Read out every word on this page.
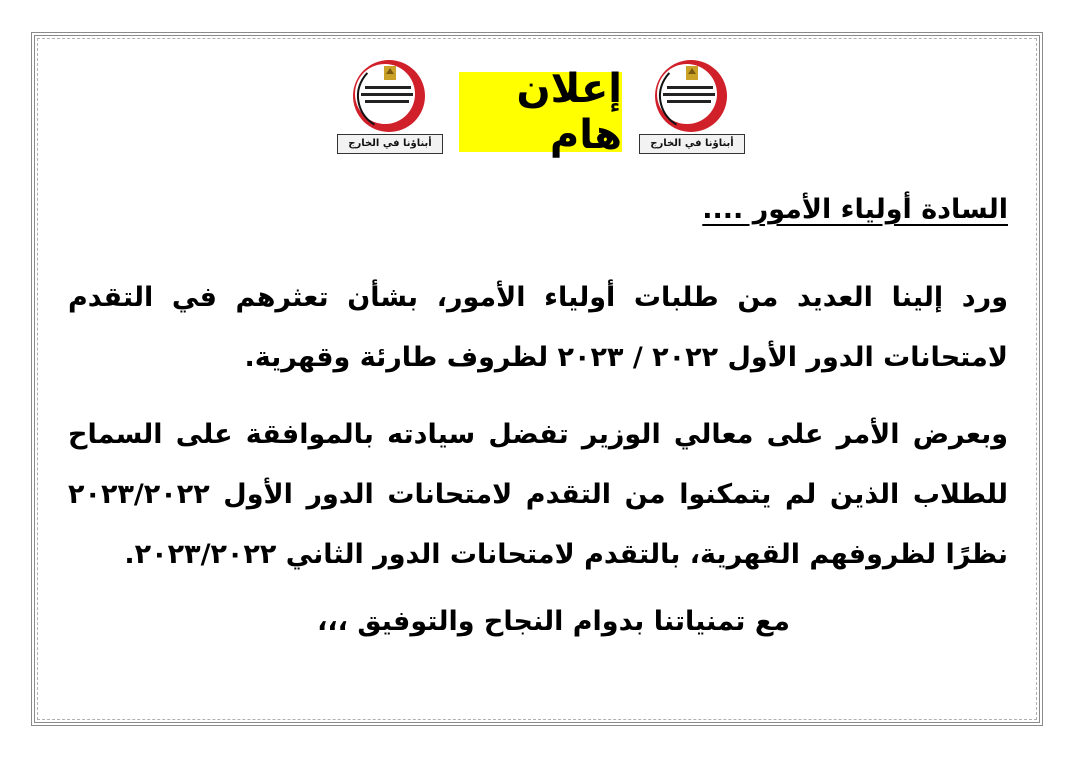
أبناؤنا في الخارج
إعلان هام
أبناؤنا في الخارج
السادة أولياء الأمور ....
ورد إلينا العديد من طلبات أولياء الأمور، بشأن تعثرهم في التقدم
لامتحانات الدور الأول ٢٠٢٢ / ٢٠٢٣ لظروف طارئة وقهرية.
وبعرض الأمر على معالي الوزير تفضل سيادته بالموافقة على السماح
للطلاب الذين لم يتمكنوا من التقدم لامتحانات الدور الأول ٢٠٢٣/٢٠٢٢
نظرًا لظروفهم القهرية، بالتقدم لامتحانات الدور الثاني ٢٠٢٣/٢٠٢٢.
مع تمنياتنا بدوام النجاح والتوفيق ،،،
